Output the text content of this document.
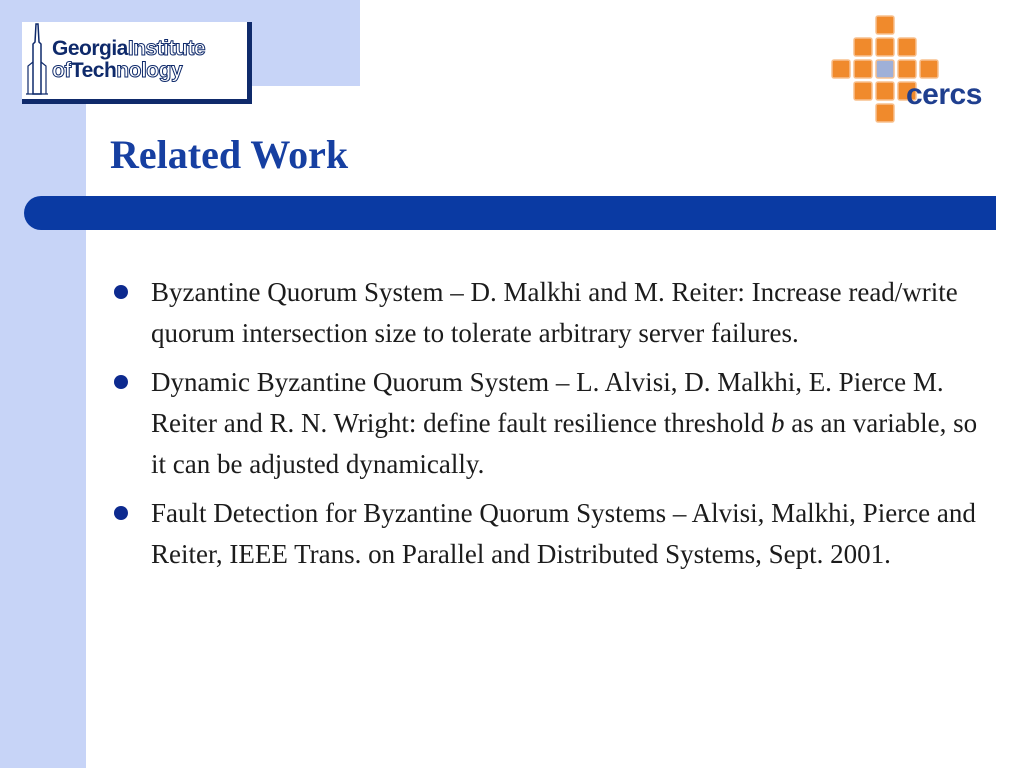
GeorgiaInstitute
ofTechnology
cercs
Related Work
Byzantine Quorum System – D. Malkhi and M. Reiter: Increase read/write quorum intersection size to tolerate arbitrary server failures.
Dynamic Byzantine Quorum System – L. Alvisi, D. Malkhi, E. Pierce M. Reiter and R. N. Wright: define fault resilience threshold b as an variable, so it can be adjusted dynamically.
Fault Detection for Byzantine Quorum Systems – Alvisi, Malkhi, Pierce and Reiter, IEEE Trans. on Parallel and Distributed Systems, Sept. 2001.
